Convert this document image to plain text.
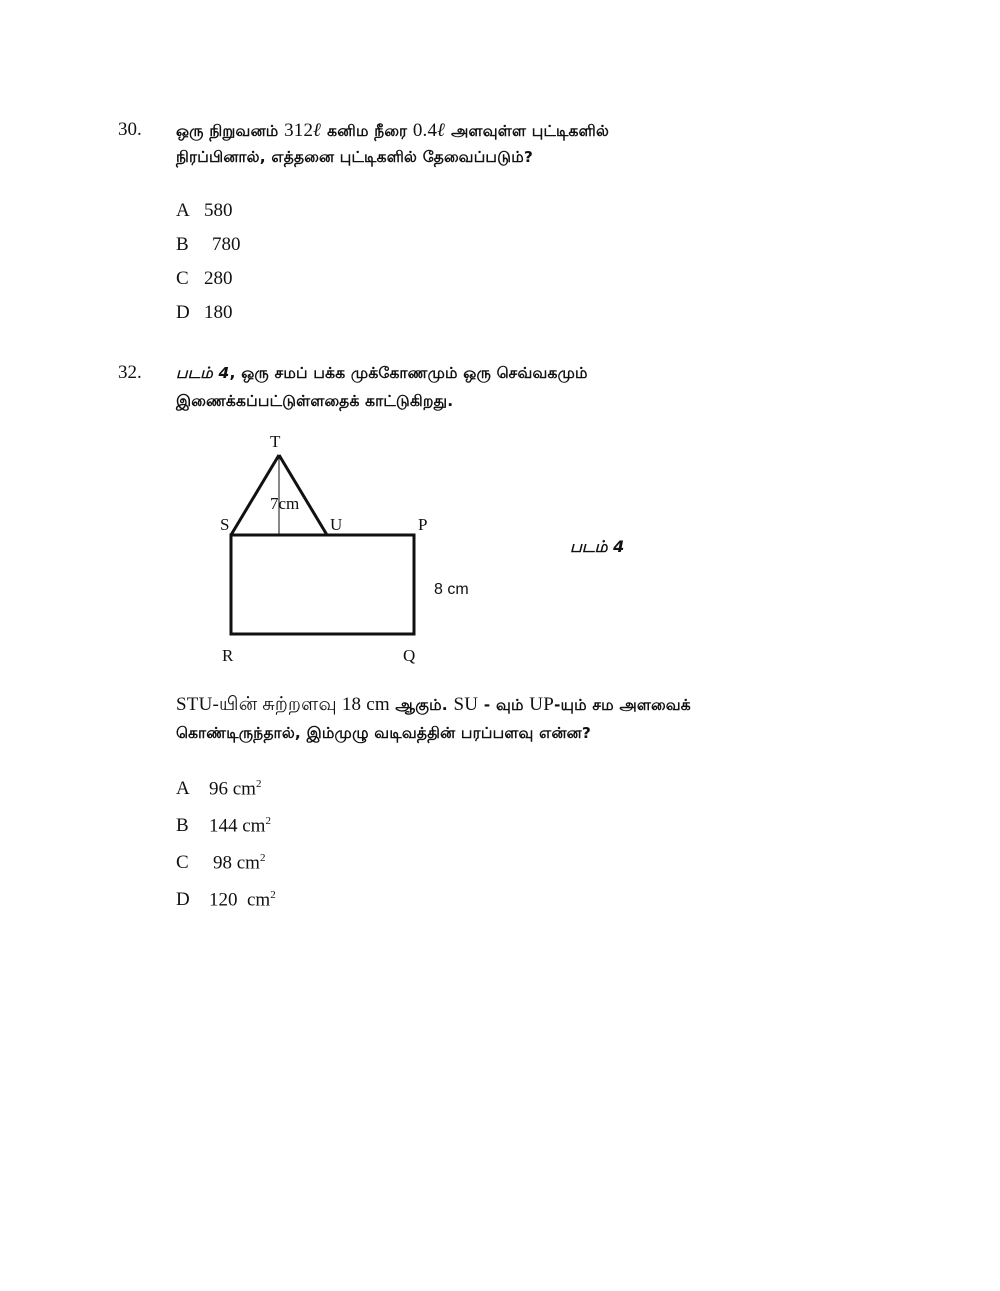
30. ஒரு நிறுவனம் 312ℓ கனிம நீரை 0.4ℓ அளவுள்ள புட்டிகளில்
நிரப்பினால், எத்தனை புட்டிகளில் தேவைப்படும்?
A 580
B 780
C 280
D 180
32. படம் 4, ஒரு சமப் பக்க முக்கோணமும் ஒரு செவ்வகமும்
இணைக்கப்பட்டுள்ளதைக் காட்டுகிறது.
T
7cm
S	U	P
8 cm
R	Q
படம் 4
STU-யின் சுற்றளவு 18 cm ஆகும். SU - வும் UP-யும் சம அளவைக்
கொண்டிருந்தால், இம்முழு வடிவத்தின் பரப்பளவு என்ன?
A 96 $cm^2$
B 144 $cm^2$
C 98 $cm^2$
D 120  $cm^2$
